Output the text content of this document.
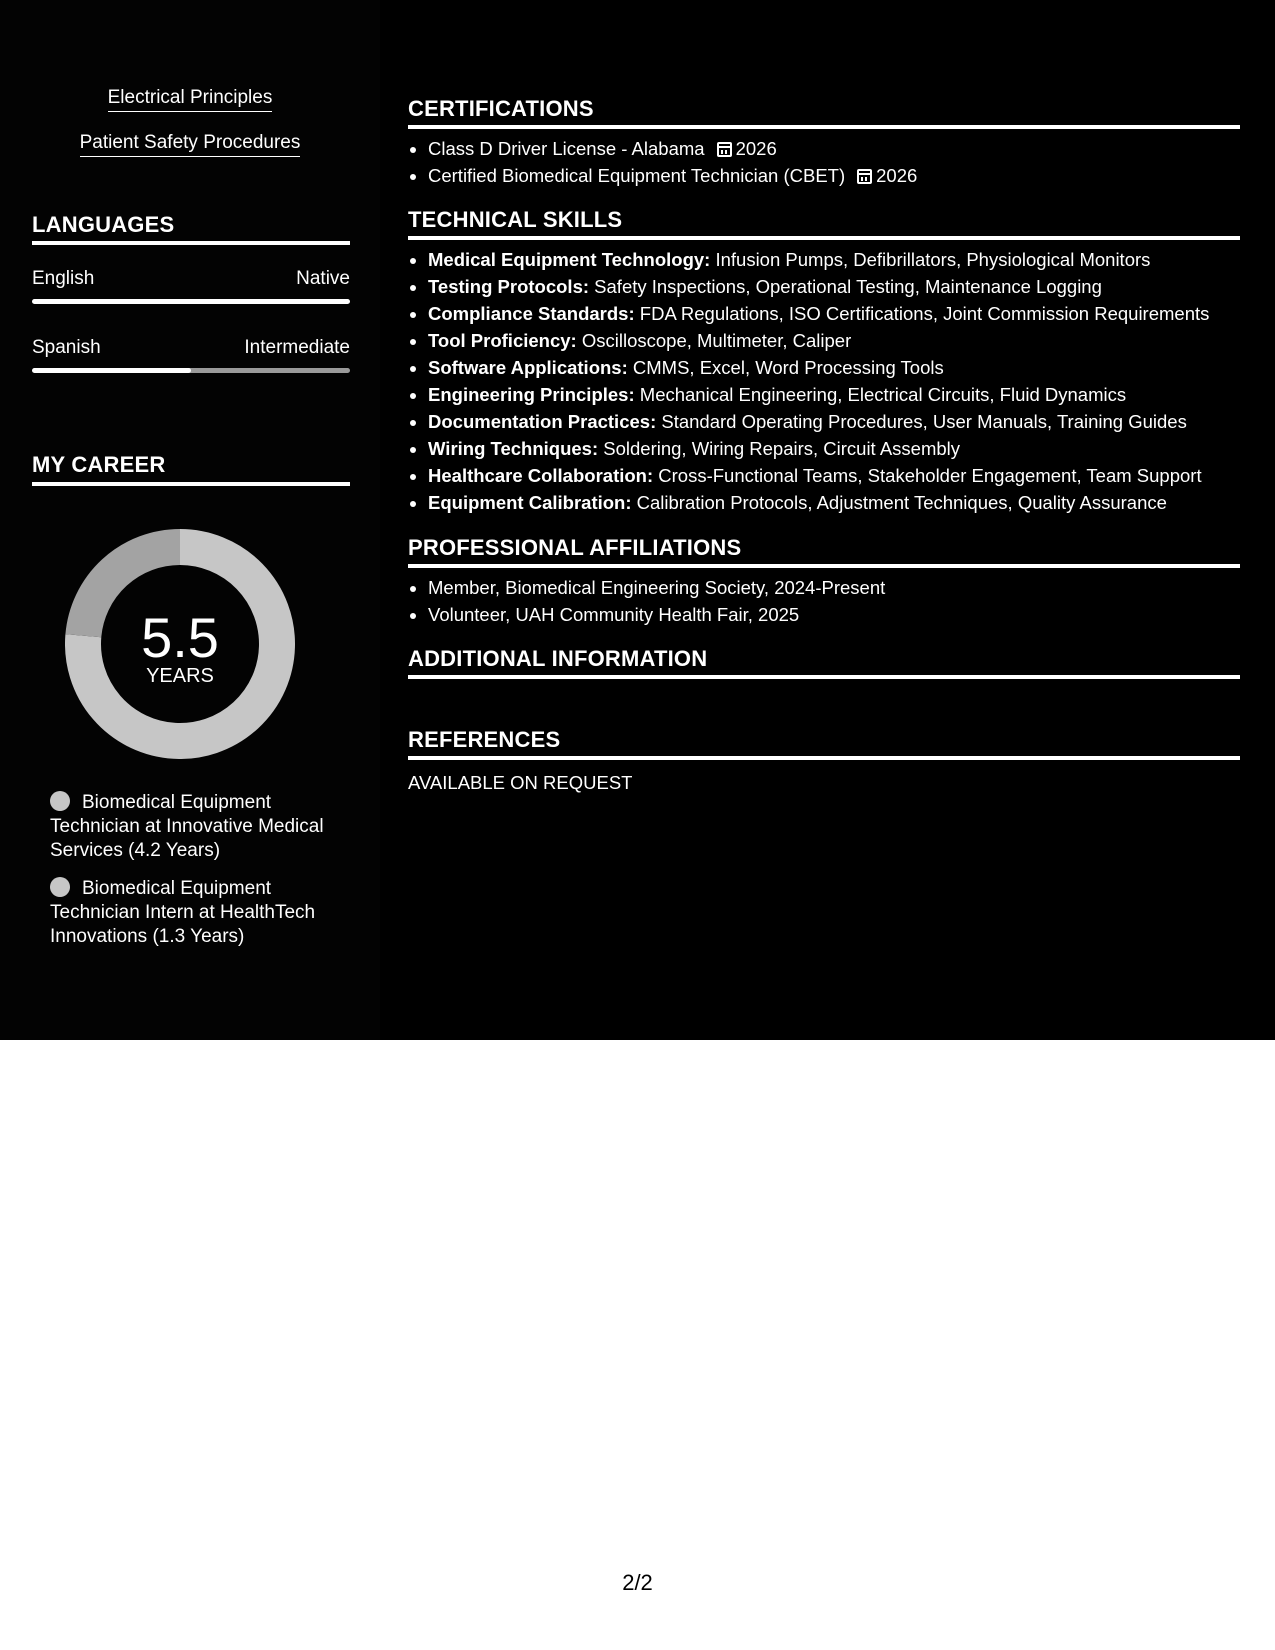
Electrical Principles
Patient Safety Procedures
LANGUAGES
English	Native
Spanish	Intermediate
MY CAREER
5.5
YEARS
Biomedical Equipment Technician at Innovative Medical Services (4.2 Years)
Biomedical Equipment Technician Intern at HealthTech Innovations (1.3 Years)
CERTIFICATIONS
• Class D Driver License - Alabama 2026
• Certified Biomedical Equipment Technician (CBET) 2026
TECHNICAL SKILLS
• Medical Equipment Technology: Infusion Pumps, Defibrillators, Physiological Monitors
• Testing Protocols: Safety Inspections, Operational Testing, Maintenance Logging
• Compliance Standards: FDA Regulations, ISO Certifications, Joint Commission Requirements
• Tool Proficiency: Oscilloscope, Multimeter, Caliper
• Software Applications: CMMS, Excel, Word Processing Tools
• Engineering Principles: Mechanical Engineering, Electrical Circuits, Fluid Dynamics
• Documentation Practices: Standard Operating Procedures, User Manuals, Training Guides
• Wiring Techniques: Soldering, Wiring Repairs, Circuit Assembly
• Healthcare Collaboration: Cross-Functional Teams, Stakeholder Engagement, Team Support
• Equipment Calibration: Calibration Protocols, Adjustment Techniques, Quality Assurance
PROFESSIONAL AFFILIATIONS
• Member, Biomedical Engineering Society, 2024-Present
• Volunteer, UAH Community Health Fair, 2025
ADDITIONAL INFORMATION
Work Status : Authorized to work in United States. No sponsorship required.
REFERENCES
AVAILABLE ON REQUEST
2/2
